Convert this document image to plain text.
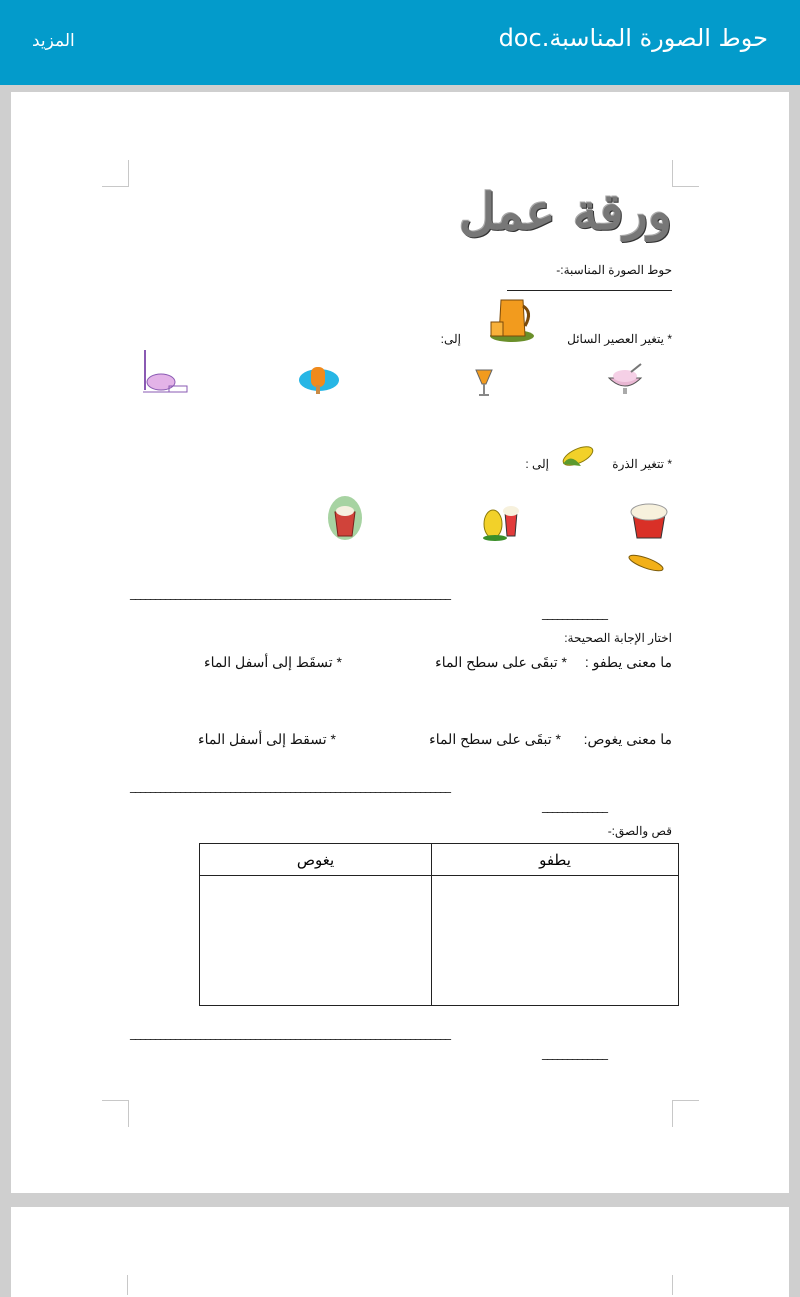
حوط الصورة المناسبة.doc
المزيد
ورقة عمل
حوط الصورة المناسبة:-
* يتغير العصير السائل
إلى:
* تتغير الذرة
إلى :
________________________________________________________________
_____________
اختار الإجابة الصحيحة:
ما معنى يطفو :
* تبقَى على سطح الماء
* تسقَط إلى أسفل الماء
ما معنى يغوص:
* تبقَى على سطح الماء
* تسقط إلى أسفل الماء
________________________________________________________________
_____________
قص والصق:-
يطفو	يغوص

________________________________________________________________
_____________
